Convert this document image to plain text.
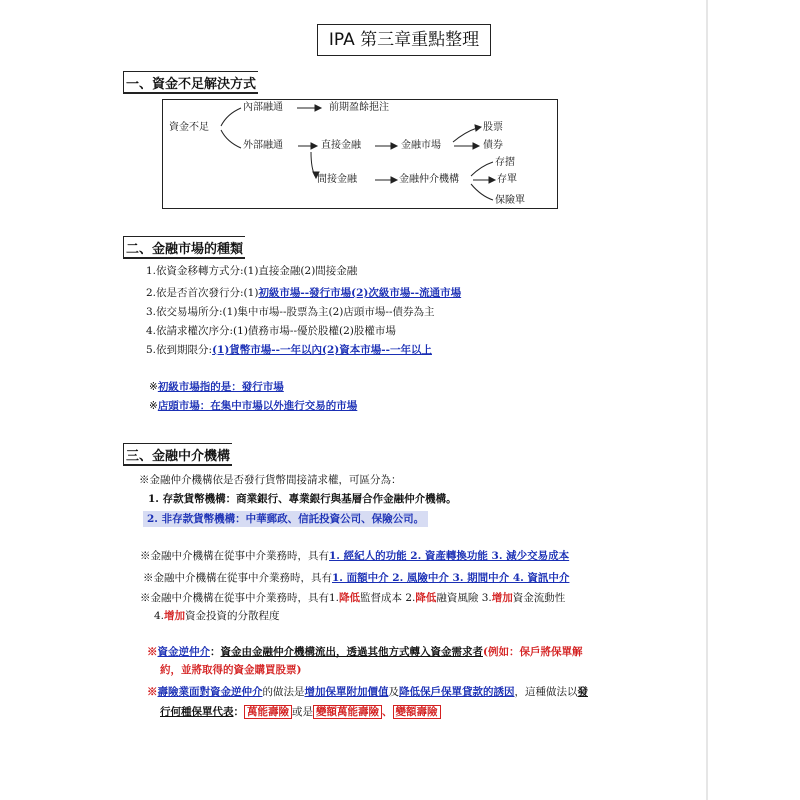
IPA 第三章重點整理
一、資金不足解決方式
資金不足
內部融通	前期盈餘挹注
外部融通	直接金融	金融市場
股票
債券
間接金融	金融仲介機構
存摺
存單
保險單
二、金融市場的種類
1.依資金移轉方式分:(1)直接金融(2)間接金融
2.依是否首次發行分:(1)初級市場--發行市場(2)次級市場--流通市場
3.依交易場所分:(1)集中市場--股票為主(2)店頭市場--債券為主
4.依請求權次序分:(1)債務市場--優於股權(2)股權市場
5.依到期限分:(1)貨幣市場--一年以內(2)資本市場--一年以上
※初級市場指的是：發行市場
※店頭市場：在集中市場以外進行交易的市場
三、金融中介機構
※金融仲介機構依是否發行貨幣間接請求權，可區分為：
1. 存款貨幣機構：商業銀行、專業銀行與基層合作金融仲介機構。
2. 非存款貨幣機構：中華郵政、信託投資公司、保險公司。
※金融中介機構在從事中介業務時，具有1. 經紀人的功能 2. 資產轉換功能 3. 減少交易成本
※金融中介機構在從事中介業務時，具有1. 面額中介 2. 風險中介 3. 期間中介 4. 資訊中介
※金融中介機構在從事中介業務時，具有1.降低監督成本 2.降低融資風險 3.增加資金流動性
4.增加資金投資的分散程度
※資金逆仲介：資金由金融仲介機構流出，透過其他方式轉入資金需求者(例如：保戶將保單解
約，並將取得的資金購買股票)
※壽險業面對資金逆仲介的做法是增加保單附加價值及降低保戶保單貸款的誘因，這種做法以發
行何種保單代表： 萬能壽險 或是 變額萬能壽險 、 變額壽險
